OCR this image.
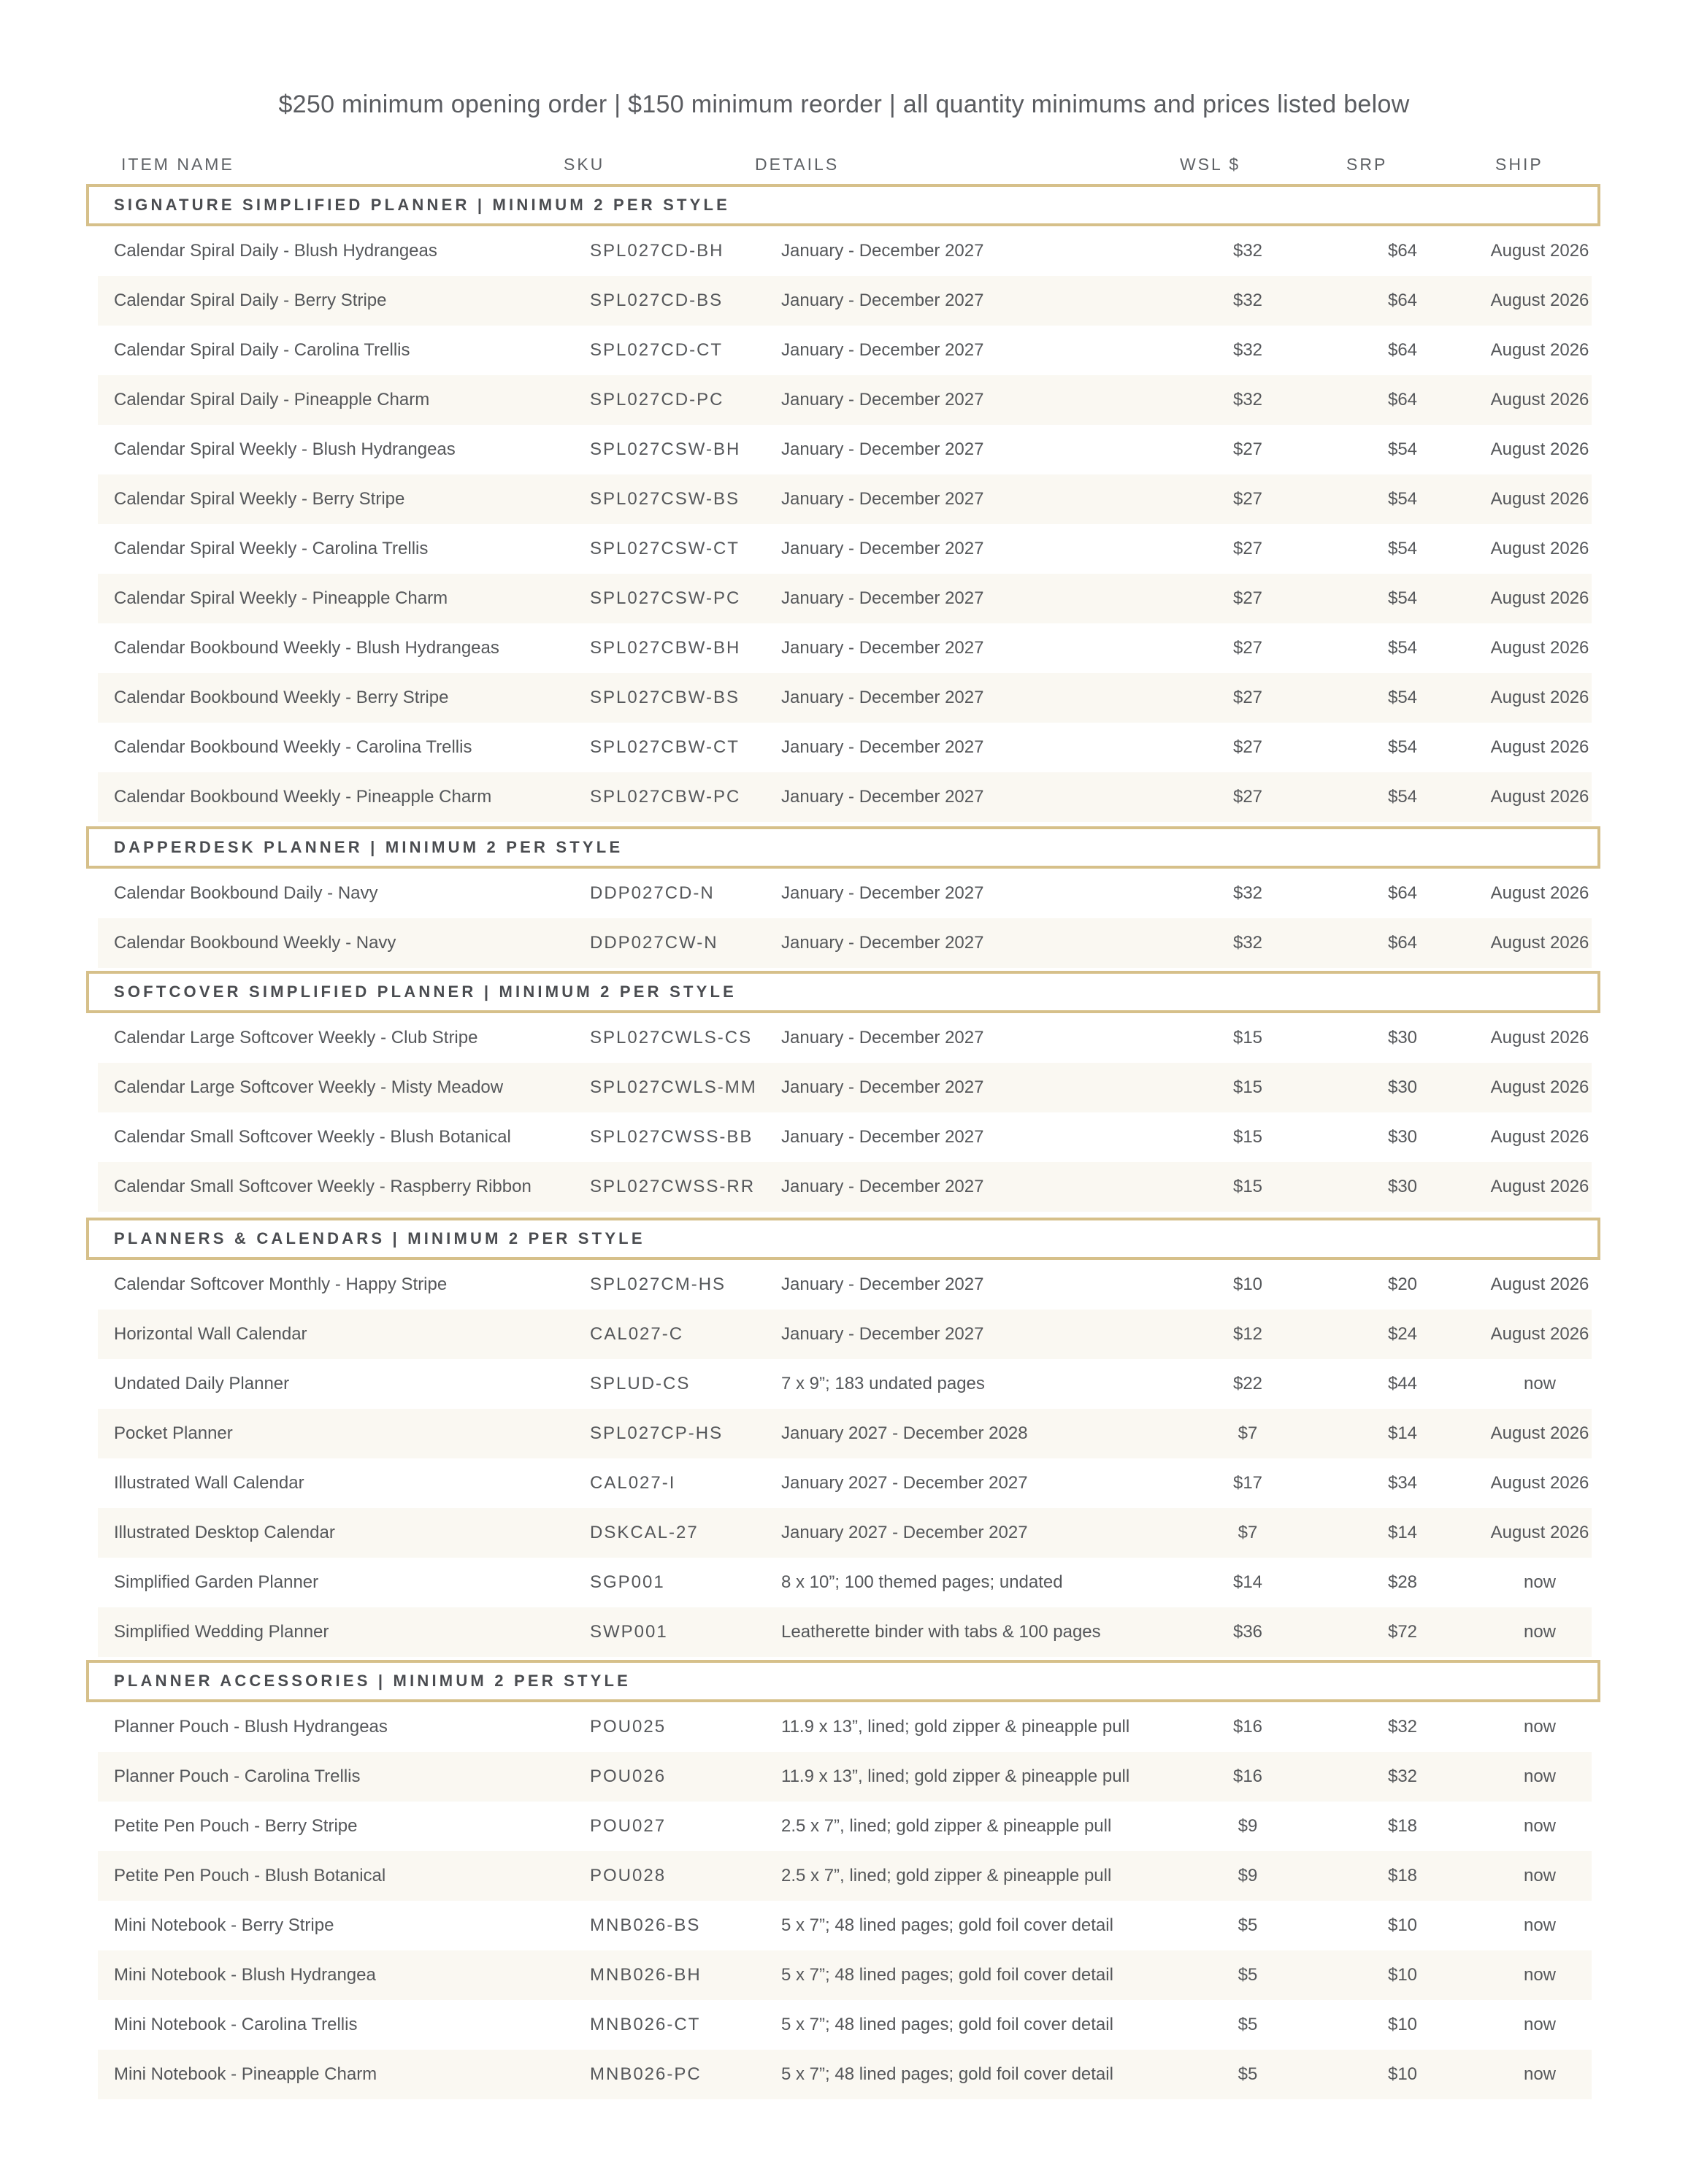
$250 minimum opening order | $150 minimum reorder | all quantity minimums and prices listed below
ITEM NAME	SKU	DETAILS	WSL $	SRP	SHIP
SIGNATURE SIMPLIFIED PLANNER | MINIMUM 2 PER STYLE
Calendar Spiral Daily - Blush Hydrangeas	SPL027CD-BH	January - December 2027	$32	$64	August 2026
Calendar Spiral Daily - Berry Stripe	SPL027CD-BS	January - December 2027	$32	$64	August 2026
Calendar Spiral Daily - Carolina Trellis	SPL027CD-CT	January - December 2027	$32	$64	August 2026
Calendar Spiral Daily - Pineapple Charm	SPL027CD-PC	January - December 2027	$32	$64	August 2026
Calendar Spiral Weekly - Blush Hydrangeas	SPL027CSW-BH January - December 2027	$27	$54	August 2026
Calendar Spiral Weekly - Berry Stripe	SPL027CSW-BS January - December 2027	$27	$54	August 2026
Calendar Spiral Weekly - Carolina Trellis	SPL027CSW-CT January - December 2027	$27	$54	August 2026
Calendar Spiral Weekly - Pineapple Charm	SPL027CSW-PC January - December 2027	$27	$54	August 2026
Calendar Bookbound Weekly - Blush Hydrangeas	SPL027CBW-BH January - December 2027	$27	$54	August 2026
Calendar Bookbound Weekly - Berry Stripe	SPL027CBW-BS January - December 2027	$27	$54	August 2026
Calendar Bookbound Weekly - Carolina Trellis	SPL027CBW-CT January - December 2027	$27	$54	August 2026
Calendar Bookbound Weekly - Pineapple Charm	SPL027CBW-PC January - December 2027	$27	$54	August 2026
DAPPERDESK PLANNER | MINIMUM 2 PER STYLE
Calendar Bookbound Daily - Navy	DDP027CD-N	January - December 2027	$32	$64	August 2026
Calendar Bookbound Weekly - Navy	DDP027CW-N	January - December 2027	$32	$64	August 2026
SOFTCOVER SIMPLIFIED PLANNER | MINIMUM 2 PER STYLE
Calendar Large Softcover Weekly - Club Stripe	SPL027CWLS-CS January - December 2027	$15	$30	August 2026
Calendar Large Softcover Weekly - Misty Meadow	SPL027CWLS-MM January - December 2027	$15	$30	August 2026
Calendar Small Softcover Weekly - Blush Botanical	SPL027CWSS-BB January - December 2027	$15	$30	August 2026
Calendar Small Softcover Weekly - Raspberry Ribbon	SPL027CWSS-RR January - December 2027	$15	$30	August 2026
PLANNERS & CALENDARS | MINIMUM 2 PER STYLE
Calendar Softcover Monthly - Happy Stripe	SPL027CM-HS	January - December 2027	$10	$20	August 2026
Horizontal Wall Calendar	CAL027-C	January - December 2027	$12	$24	August 2026
Undated Daily Planner	SPLUD-CS	7 x 9”; 183 undated pages	$22	$44	now
Pocket Planner	SPL027CP-HS	January 2027 - December 2028	$7	$14	August 2026
Illustrated Wall Calendar	CAL027-I	January 2027 - December 2027	$17	$34	August 2026
Illustrated Desktop Calendar	DSKCAL-27	January 2027 - December 2027	$7	$14	August 2026
Simplified Garden Planner	SGP001	8 x 10”; 100 themed pages; undated	$14	$28	now
Simplified Wedding Planner	SWP001	Leatherette binder with tabs & 100 pages	$36	$72	now
PLANNER ACCESSORIES | MINIMUM 2 PER STYLE
Planner Pouch - Blush Hydrangeas	POU025	11.9 x 13”, lined; gold zipper & pineapple pull	$16	$32	now
Planner Pouch - Carolina Trellis	POU026	11.9 x 13”, lined; gold zipper & pineapple pull	$16	$32	now
Petite Pen Pouch - Berry Stripe	POU027	2.5 x 7”, lined; gold zipper & pineapple pull	$9	$18	now
Petite Pen Pouch - Blush Botanical	POU028	2.5 x 7”, lined; gold zipper & pineapple pull	$9	$18	now
Mini Notebook - Berry Stripe	MNB026-BS	5 x 7”; 48 lined pages; gold foil cover detail	$5	$10	now
Mini Notebook - Blush Hydrangea	MNB026-BH	5 x 7”; 48 lined pages; gold foil cover detail	$5	$10	now
Mini Notebook - Carolina Trellis	MNB026-CT	5 x 7”; 48 lined pages; gold foil cover detail	$5	$10	now
Mini Notebook - Pineapple Charm	MNB026-PC	5 x 7”; 48 lined pages; gold foil cover detail	$5	$10	now
